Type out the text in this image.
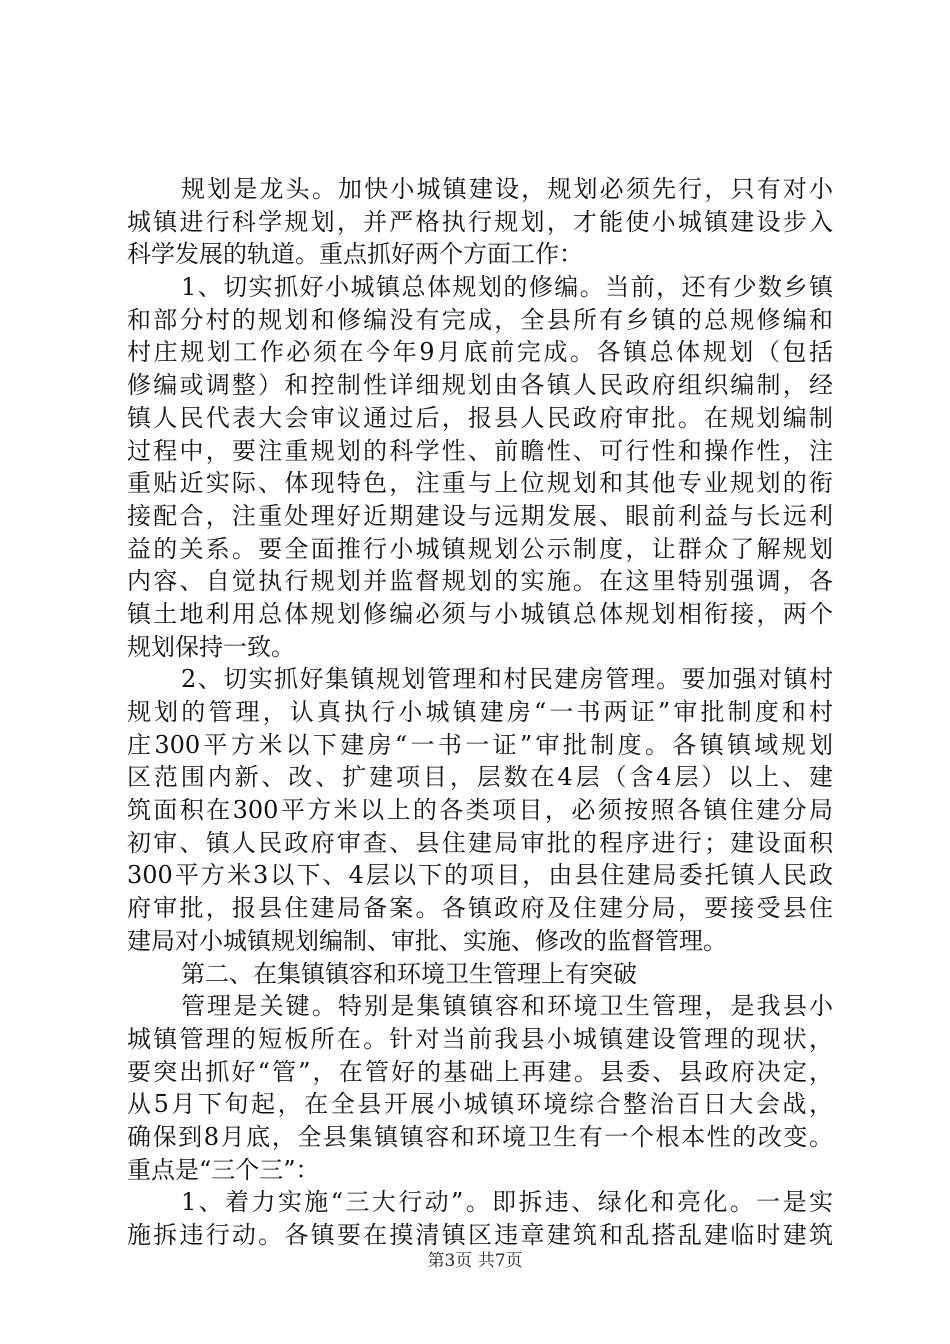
规划是龙头。加快小城镇建设，规划必须先行，只有对小
城镇进行科学规划，并严格执行规划，才能使小城镇建设步入
科学发展的轨道。重点抓好两个方面工作：
1、切实抓好小城镇总体规划的修编。当前，还有少数乡镇
和部分村的规划和修编没有完成，全县所有乡镇的总规修编和
村庄规划工作必须在今年9月底前完成。各镇总体规划（包括
修编或调整）和控制性详细规划由各镇人民政府组织编制，经
镇人民代表大会审议通过后，报县人民政府审批。在规划编制
过程中，要注重规划的科学性、前瞻性、可行性和操作性，注
重贴近实际、体现特色，注重与上位规划和其他专业规划的衔
接配合，注重处理好近期建设与远期发展、眼前利益与长远利
益的关系。要全面推行小城镇规划公示制度，让群众了解规划
内容、自觉执行规划并监督规划的实施。在这里特别强调，各
镇土地利用总体规划修编必须与小城镇总体规划相衔接，两个
规划保持一致。
2、切实抓好集镇规划管理和村民建房管理。要加强对镇村
规划的管理，认真执行小城镇建房“一书两证”审批制度和村
庄300平方米以下建房“一书一证”审批制度。各镇镇域规划
区范围内新、改、扩建项目，层数在4层（含4层）以上、建
筑面积在300平方米以上的各类项目，必须按照各镇住建分局
初审、镇人民政府审查、县住建局审批的程序进行；建设面积
300平方米3以下、4层以下的项目，由县住建局委托镇人民政
府审批，报县住建局备案。各镇政府及住建分局，要接受县住
建局对小城镇规划编制、审批、实施、修改的监督管理。
第二、在集镇镇容和环境卫生管理上有突破
管理是关键。特别是集镇镇容和环境卫生管理，是我县小
城镇管理的短板所在。针对当前我县小城镇建设管理的现状，
要突出抓好“管”，在管好的基础上再建。县委、县政府决定，
从5月下旬起，在全县开展小城镇环境综合整治百日大会战，
确保到8月底，全县集镇镇容和环境卫生有一个根本性的改变。
重点是“三个三”：
1、着力实施“三大行动”。即拆违、绿化和亮化。一是实
施拆违行动。各镇要在摸清镇区违章建筑和乱搭乱建临时建筑
第3页 共7页
